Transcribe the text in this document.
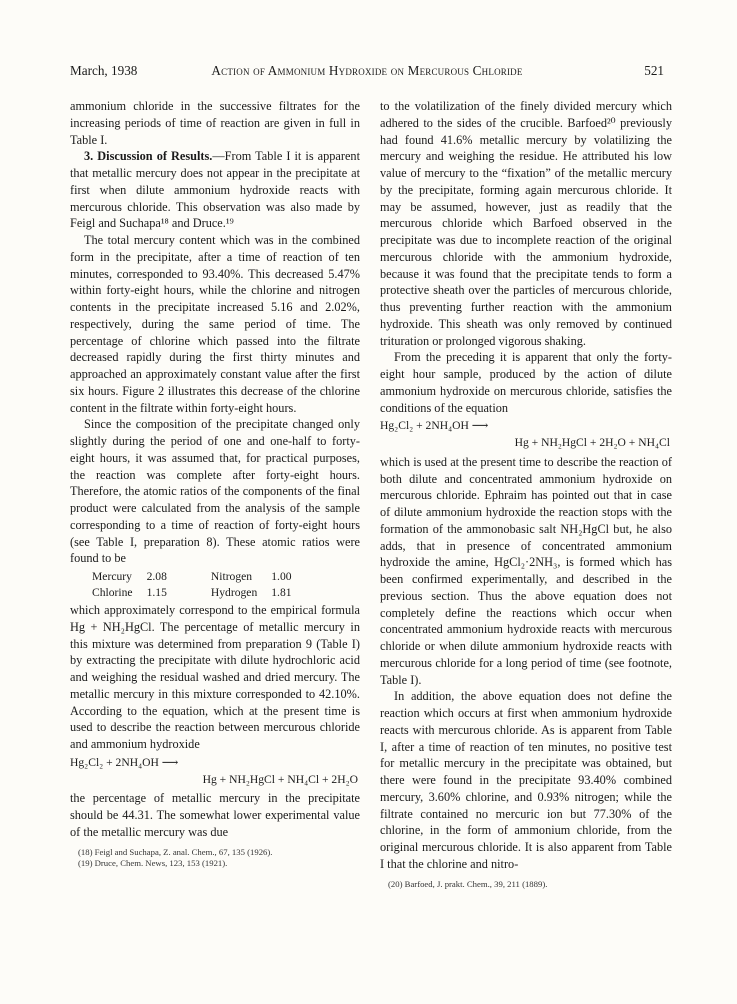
March, 1938	Action of Ammonium Hydroxide on Mercurous Chloride	521

ammonium chloride in the successive filtrates for the increasing periods of time of reaction are given in full in Table I.

3. Discussion of Results.—From Table I it is apparent that metallic mercury does not appear in the precipitate at first when dilute ammonium hydroxide reacts with mercurous chloride. This observation was also made by Feigl and Suchapa¹⁸ and Druce.¹⁹

The total mercury content which was in the combined form in the precipitate, after a time of reaction of ten minutes, corresponded to 93.40%. This decreased 5.47% within forty-eight hours, while the chlorine and nitrogen contents in the precipitate increased 5.16 and 2.02%, respectively, during the same period of time. The percentage of chlorine which passed into the filtrate decreased rapidly during the first thirty minutes and approached an approximately constant value after the first six hours. Figure 2 illustrates this decrease of the chlorine content in the filtrate within forty-eight hours.

Since the composition of the precipitate changed only slightly during the period of one and one-half to forty-eight hours, it was assumed that, for practical purposes, the reaction was complete after forty-eight hours. Therefore, the atomic ratios of the components of the final product were calculated from the analysis of the sample corresponding to a time of reaction of forty-eight hours (see Table I, preparation 8). These atomic ratios were found to be

Mercury	2.08	Nitrogen	1.00
Chlorine	1.15	Hydrogen	1.81

which approximately correspond to the empirical formula Hg + NH₂HgCl. The percentage of metallic mercury in this mixture was determined from preparation 9 (Table I) by extracting the precipitate with dilute hydrochloric acid and weighing the residual washed and dried mercury. The metallic mercury in this mixture corresponded to 42.10%. According to the equation, which at the present time is used to describe the reaction between mercurous chloride and ammonium hydroxide

Hg₂Cl₂ + 2NH₄OH ⟶
Hg + NH₂HgCl + NH₄Cl + 2H₂O

the percentage of metallic mercury in the precipitate should be 44.31. The somewhat lower experimental value of the metallic mercury was due

(18) Feigl and Suchapa, Z. anal. Chem., 67, 135 (1926).
(19) Druce, Chem. News, 123, 153 (1921).

to the volatilization of the finely divided mercury which adhered to the sides of the crucible. Barfoed²⁰ previously had found 41.6% metallic mercury by volatilizing the mercury and weighing the residue. He attributed his low value of mercury to the “fixation” of the metallic mercury by the precipitate, forming again mercurous chloride. It may be assumed, however, just as readily that the mercurous chloride which Barfoed observed in the precipitate was due to incomplete reaction of the original mercurous chloride with the ammonium hydroxide, because it was found that the precipitate tends to form a protective sheath over the particles of mercurous chloride, thus preventing further reaction with the ammonium hydroxide. This sheath was only removed by continued trituration or prolonged vigorous shaking.

From the preceding it is apparent that only the forty-eight hour sample, produced by the action of dilute ammonium hydroxide on mercurous chloride, satisfies the conditions of the equation

Hg₂Cl₂ + 2NH₄OH ⟶
Hg + NH₂HgCl + 2H₂O + NH₄Cl

which is used at the present time to describe the reaction of both dilute and concentrated ammonium hydroxide on mercurous chloride. Ephraim has pointed out that in case of dilute ammonium hydroxide the reaction stops with the formation of the ammonobasic salt NH₂HgCl but, he also adds, that in presence of concentrated ammonium hydroxide the amine, HgCl₂·2NH₃, is formed which has been confirmed experimentally, and described in the previous section. Thus the above equation does not completely define the reactions which occur when concentrated ammonium hydroxide reacts with mercurous chloride or when dilute ammonium hydroxide reacts with mercurous chloride for a long period of time (see footnote, Table I).

In addition, the above equation does not define the reaction which occurs at first when ammonium hydroxide reacts with mercurous chloride. As is apparent from Table I, after a time of reaction of ten minutes, no positive test for metallic mercury in the precipitate was obtained, but there were found in the precipitate 93.40% combined mercury, 3.60% chlorine, and 0.93% nitrogen; while the filtrate contained no mercuric ion but 77.30% of the chlorine, in the form of ammonium chloride, from the original mercurous chloride. It is also apparent from Table I that the chlorine and nitro-

(20) Barfoed, J. prakt. Chem., 39, 211 (1889).
